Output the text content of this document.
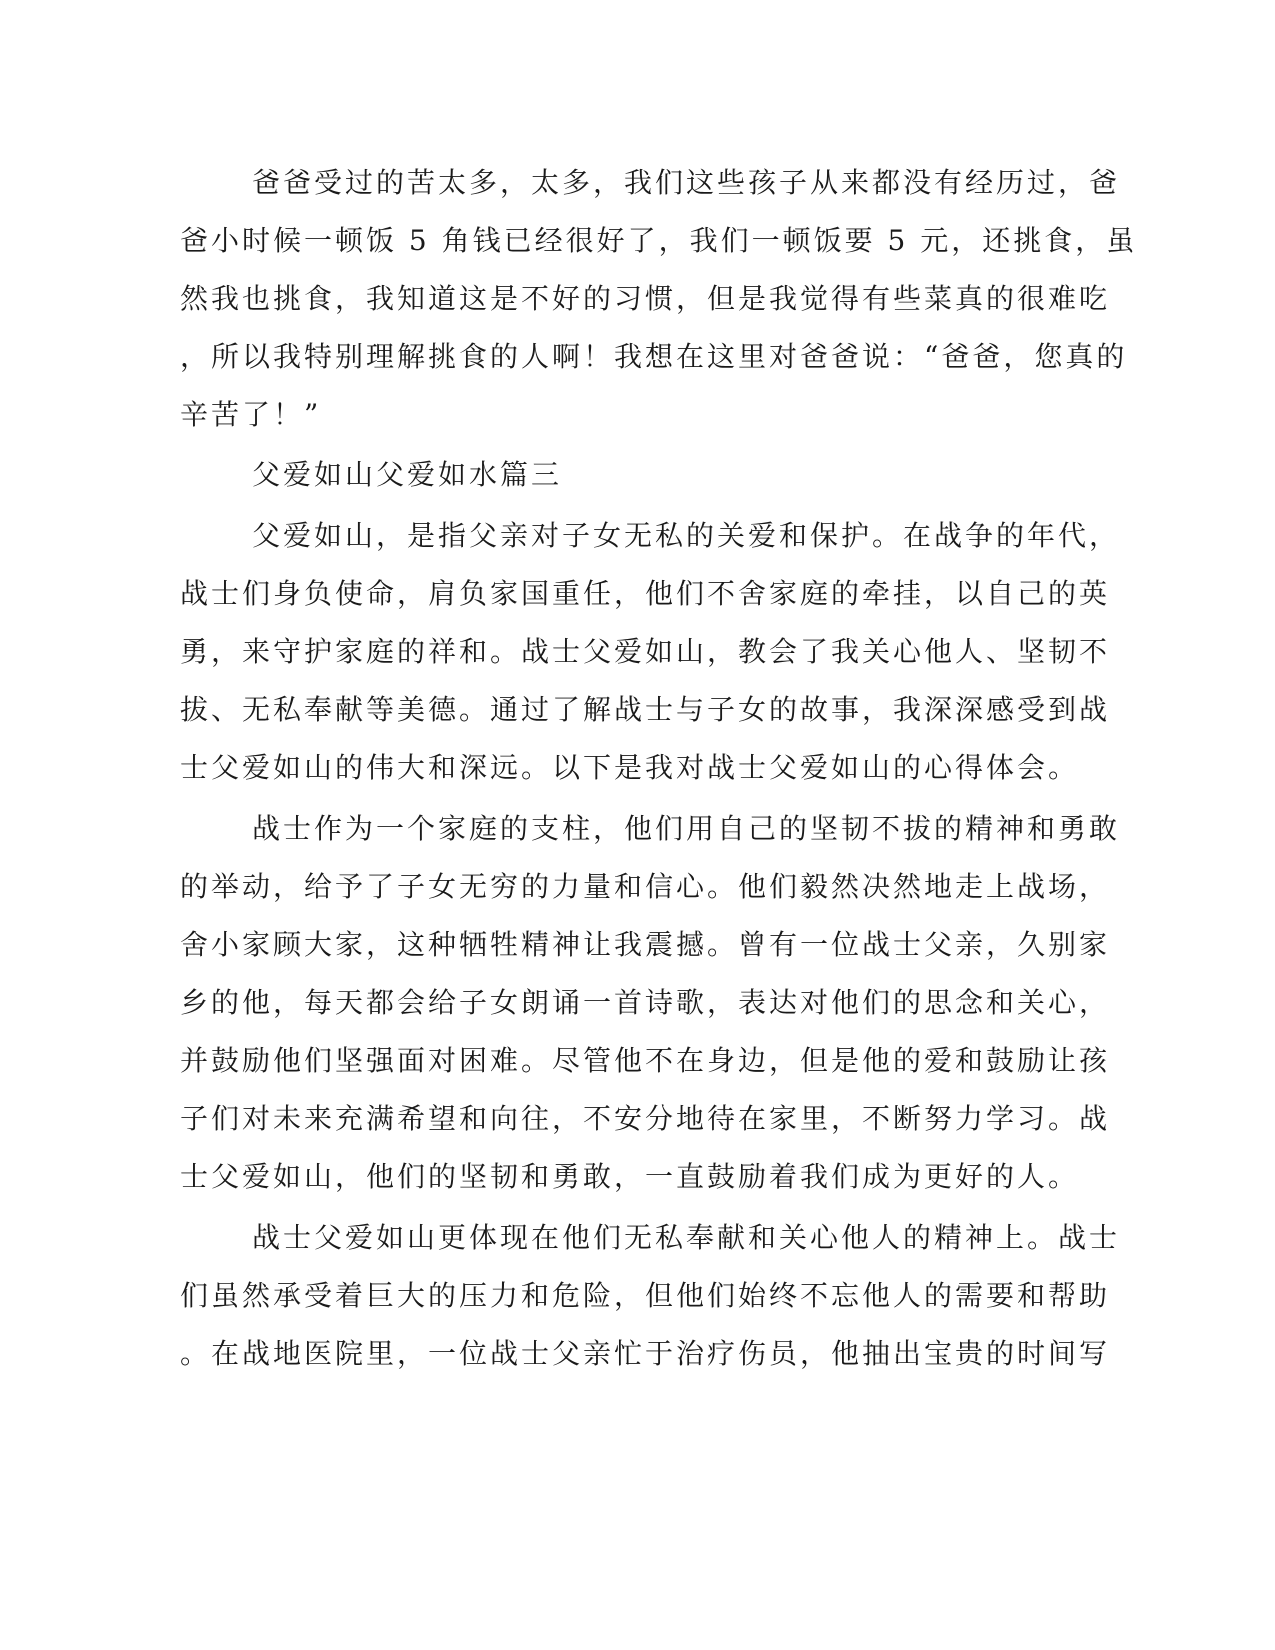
爸爸受过的苦太多，太多，我们这些孩子从来都没有经历过，爸

爸小时候一顿饭 5 角钱已经很好了，我们一顿饭要 5 元，还挑食，虽

然我也挑食，我知道这是不好的习惯，但是我觉得有些菜真的很难吃

，所以我特别理解挑食的人啊！我想在这里对爸爸说：“爸爸，您真的

辛苦了！”

父爱如山父爱如水篇三

父爱如山，是指父亲对子女无私的关爱和保护。在战争的年代，

战士们身负使命，肩负家国重任，他们不舍家庭的牵挂，以自己的英

勇，来守护家庭的祥和。战士父爱如山，教会了我关心他人、坚韧不

拔、无私奉献等美德。通过了解战士与子女的故事，我深深感受到战

士父爱如山的伟大和深远。以下是我对战士父爱如山的心得体会。

战士作为一个家庭的支柱，他们用自己的坚韧不拔的精神和勇敢

的举动，给予了子女无穷的力量和信心。他们毅然决然地走上战场，

舍小家顾大家，这种牺牲精神让我震撼。曾有一位战士父亲，久别家

乡的他，每天都会给子女朗诵一首诗歌，表达对他们的思念和关心，

并鼓励他们坚强面对困难。尽管他不在身边，但是他的爱和鼓励让孩

子们对未来充满希望和向往，不安分地待在家里，不断努力学习。战

士父爱如山，他们的坚韧和勇敢，一直鼓励着我们成为更好的人。

战士父爱如山更体现在他们无私奉献和关心他人的精神上。战士

们虽然承受着巨大的压力和危险，但他们始终不忘他人的需要和帮助

。在战地医院里，一位战士父亲忙于治疗伤员，他抽出宝贵的时间写
